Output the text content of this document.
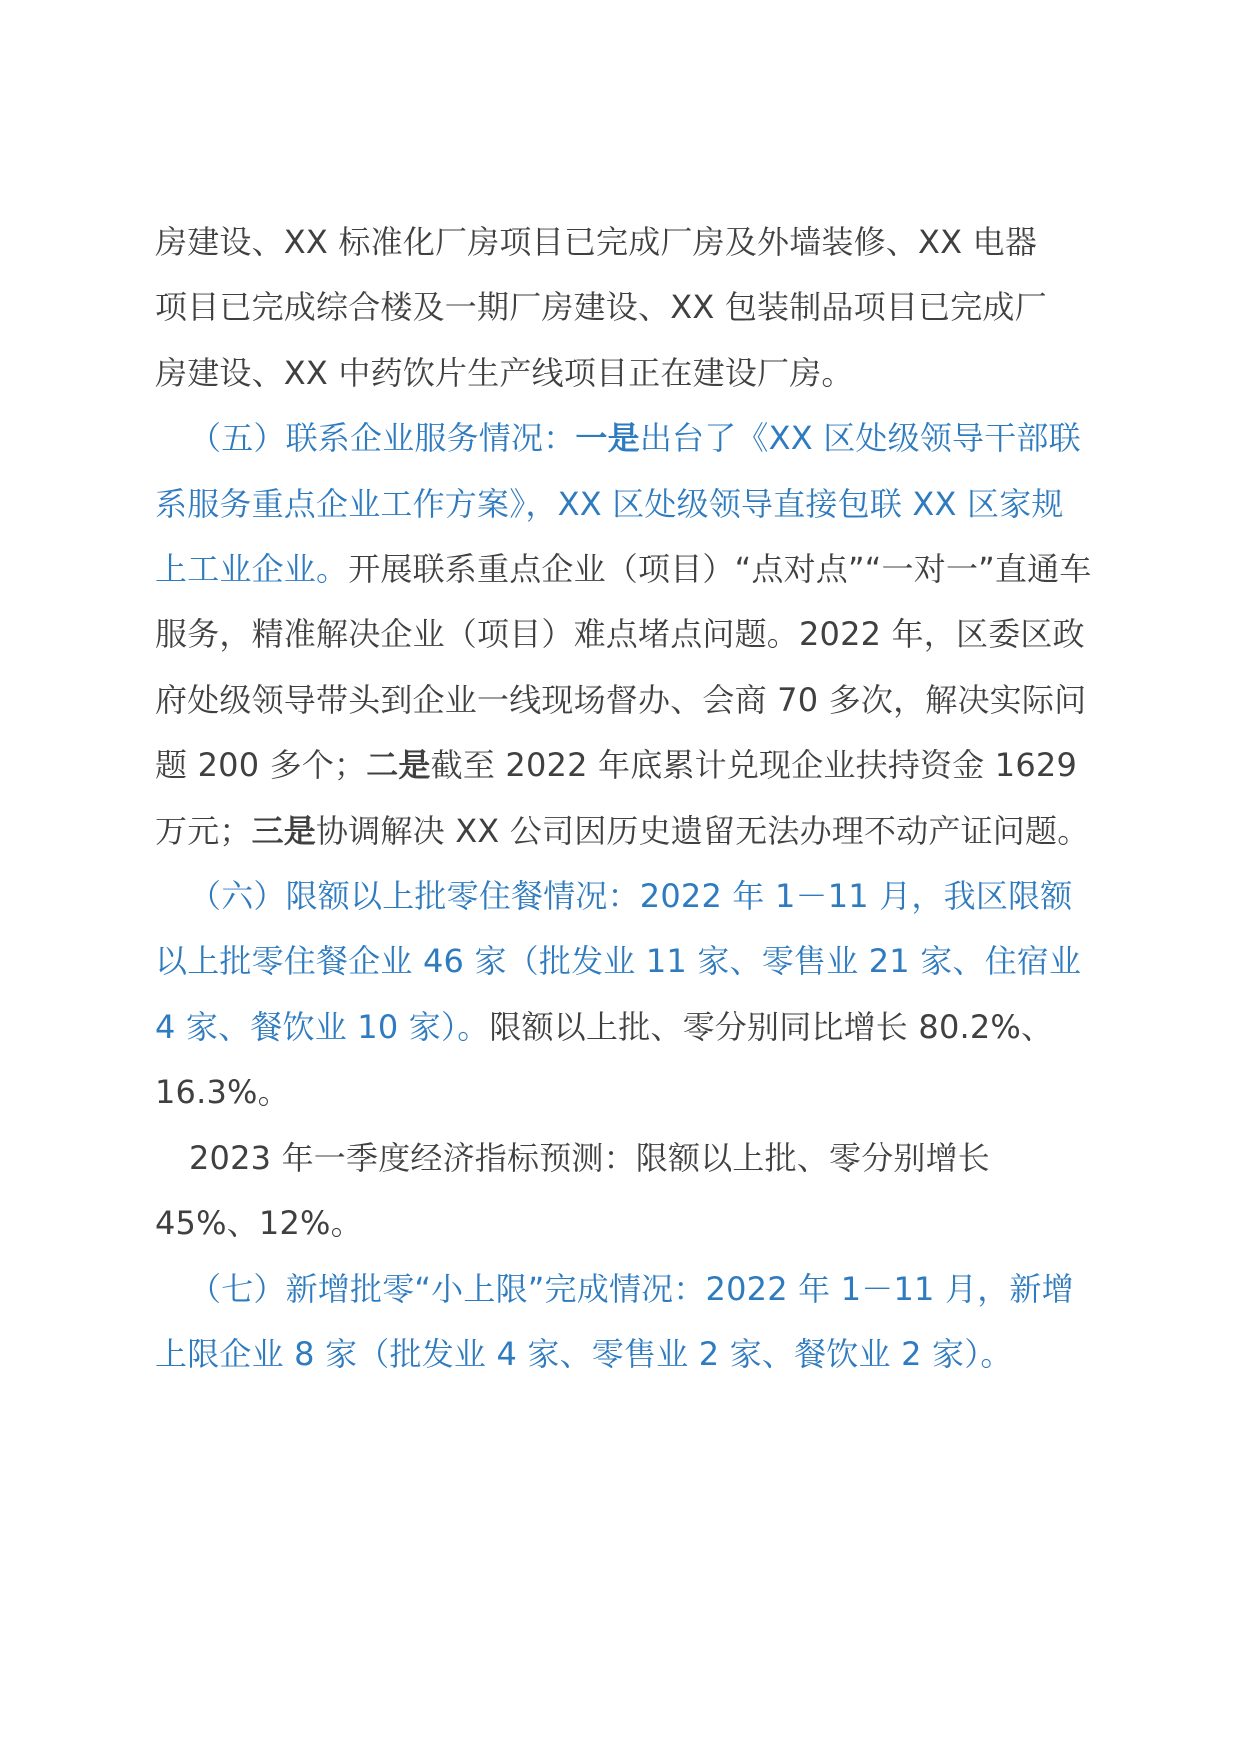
房建设、XX 标准化厂房项目已完成厂房及外墙装修、XX 电器
项目已完成综合楼及一期厂房建设、XX 包装制品项目已完成厂
房建设、XX 中药饮片生产线项目正在建设厂房。

（五）联系企业服务情况：一是出台了《XX 区处级领导干部联系服务重点企业工作方案》，XX 区处级领导直接包联 XX 区家规上工业企业。开展联系重点企业（项目）“点对点”“一对一”直通车服务，精准解决企业（项目）难点堵点问题。2022 年，区委区政府处级领导带头到企业一线现场督办、会商 70 多次，解决实际问题 200 多个；二是截至 2022 年底累计兑现企业扶持资金 1629 万元；三是协调解决 XX 公司因历史遗留无法办理不动产证问题。

（六）限额以上批零住餐情况：2022 年 1－11 月，我区限额以上批零住餐企业 46 家（批发业 11 家、零售业 21 家、住宿业 4 家、餐饮业 10 家）。限额以上批、零分别同比增长 80.2%、16.3%。

2023 年一季度经济指标预测：限额以上批、零分别增长 45%、12%。

（七）新增批零“小上限”完成情况：2022 年 1－11 月，新增上限企业 8 家（批发业 4 家、零售业 2 家、餐饮业 2 家）。
